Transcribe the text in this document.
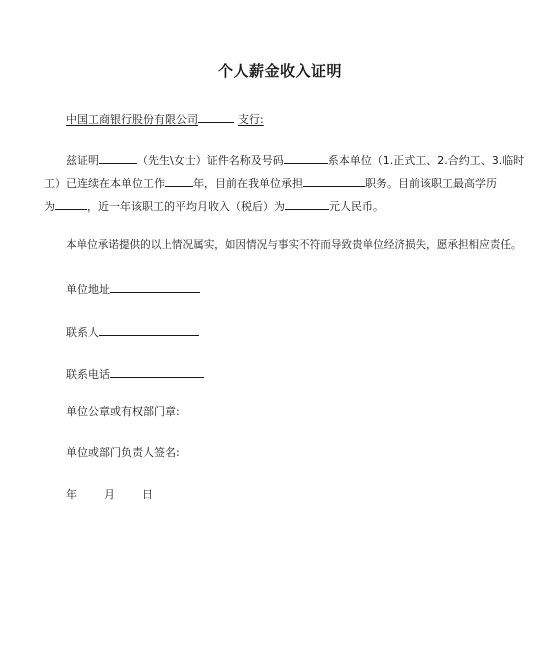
个人薪金收入证明
中国工商银行股份有限公司	支行:
兹证明	（先生\女士）证件名称及号码	系本单位（1.正式工、2.合约工、3.临时
工）已连续在本单位工作	年，目前在我单位承担	职务。目前该职工最高学历
为	，近一年该职工的平均月收入（税后）为	元人民币。
本单位承诺提供的以上情况属实，如因情况与事实不符而导致贵单位经济损失，愿承担相应责任。
单位地址
联系人
联系电话
单位公章或有权部门章:
单位或部门负责人签名:
年 月 日
